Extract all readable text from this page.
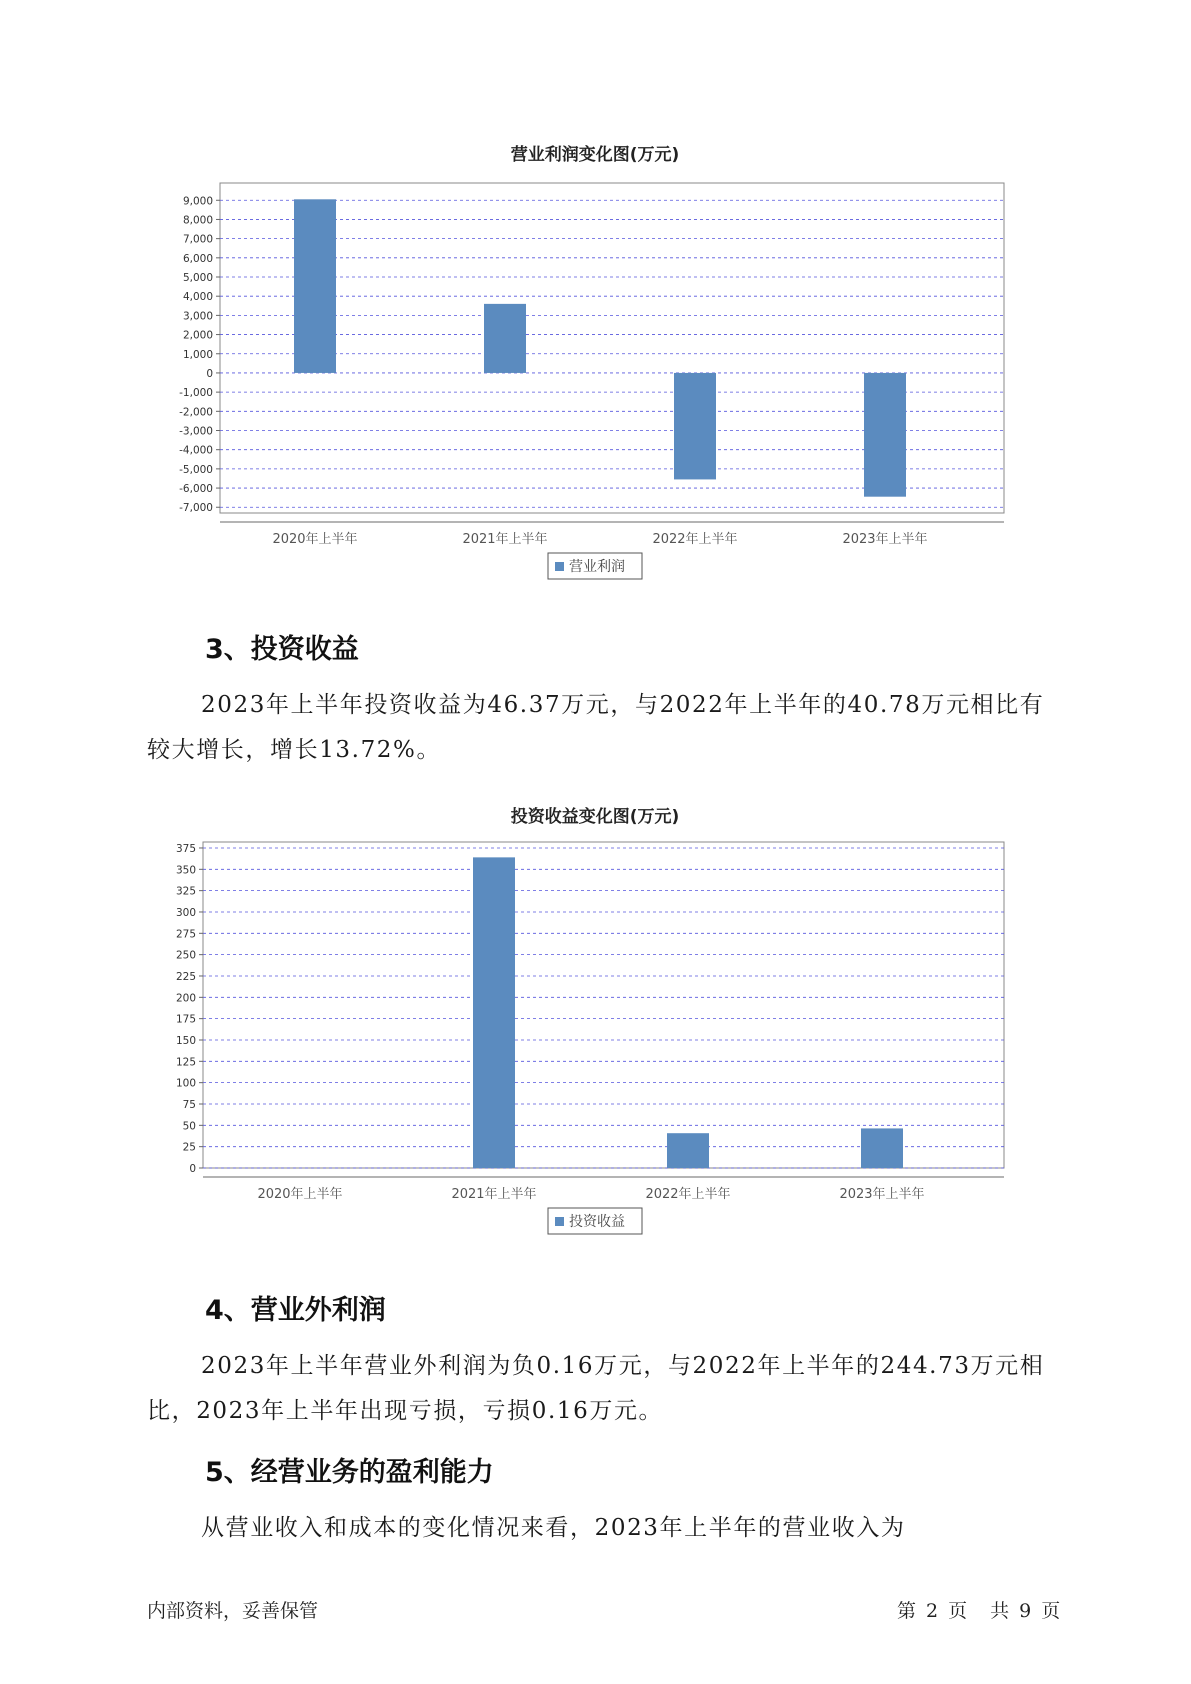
营业利润变化图(万元)
9,000
8,000
7,000
6,000
5,000
4,000
3,000
2,000
1,000
0
-1,000
-2,000
-3,000
-4,000
-5,000
-6,000
-7,000
2020年上半年	2021年上半年	2022年上半年	2023年上半年
营业利润
3、投资收益

2023年上半年投资收益为46.37万元，与2022年上半年的40.78万元相比有较大增长，增长13.72%。

投资收益变化图(万元)
375
350
325
300
275
250
225
200
175
150
125
100
75
50
25
0
2020年上半年	2021年上半年	2022年上半年	2023年上半年
投资收益
4、营业外利润

2023年上半年营业外利润为负0.16万元，与2022年上半年的244.73万元相比，2023年上半年出现亏损，亏损0.16万元。

5、经营业务的盈利能力

从营业收入和成本的变化情况来看，2023年上半年的营业收入为

内部资料，妥善保管	第 2 页 共 9 页
